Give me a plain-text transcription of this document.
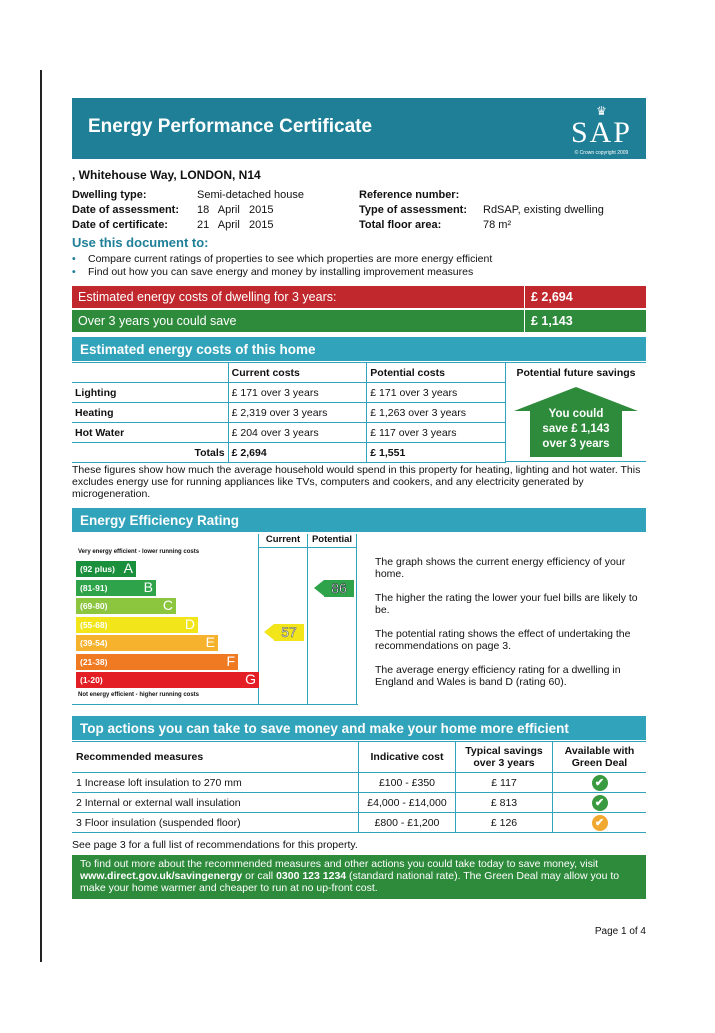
Energy Performance Certificate
♛
SAP
© Crown copyright 2009
, Whitehouse Way, LONDON, N14
Dwelling type:	Semi-detached house
Date of assessment: 18   April   2015
Date of certificate:	21   April   2015
Reference number:
Type of assessment: RdSAP, existing dwelling
Total floor area:	78 m²
Use this document to:
• Compare current ratings of properties to see which properties are more energy efficient
• Find out how you can save energy and money by installing improvement measures
Estimated energy costs of dwelling for 3 years:	£ 2,694
Over 3 years you could save	£ 1,143
Estimated energy costs of this home
	Current costs	Potential costs
Lighting	£ 171 over 3 years	£ 171 over 3 years
Heating	£ 2,319 over 3 years	£ 1,263 over 3 years
Hot Water	£ 204 over 3 years	£ 117 over 3 years
Totals	£ 2,694	£ 1,551
Potential future savings
You could
save £ 1,143
over 3 years
These figures show how much the average household would spend in this property for heating, lighting and hot water. This excludes energy use for running appliances like TVs, computers and cookers, and any electricity generated by microgeneration.
Energy Efficiency Rating
Current	Potential
Very energy efficient - lower running costs
Not energy efficient - higher running costs
(92 plus) A
(81-91)	B
(69-80)	C
(55-68)	D
(39-54)	E
(21-38)	F
(1-20)	G
57
86
The graph shows the current energy efficiency of your home.
The higher the rating the lower your fuel bills are likely to be.
The potential rating shows the effect of undertaking the recommendations on page 3.
The average energy efficiency rating for a dwelling in England and Wales is band D (rating 60).
Top actions you can take to save money and make your home more efficient
Recommended measures	Indicative cost	Typical savings over 3 years	Available with Green Deal
1 Increase loft insulation to 270 mm	£100 - £350	£ 117	✔
2 Internal or external wall insulation	£4,000 - £14,000	£ 813	✔
3 Floor insulation (suspended floor)	£800 - £1,200	£ 126	✔
See page 3 for a full list of recommendations for this property.
To find out more about the recommended measures and other actions you could take today to save money, visit
www.direct.gov.uk/savingenergy or call 0300 123 1234 (standard national rate). The Green Deal may allow you to make your home warmer and cheaper to run at no up-front cost.
Page 1 of 4
